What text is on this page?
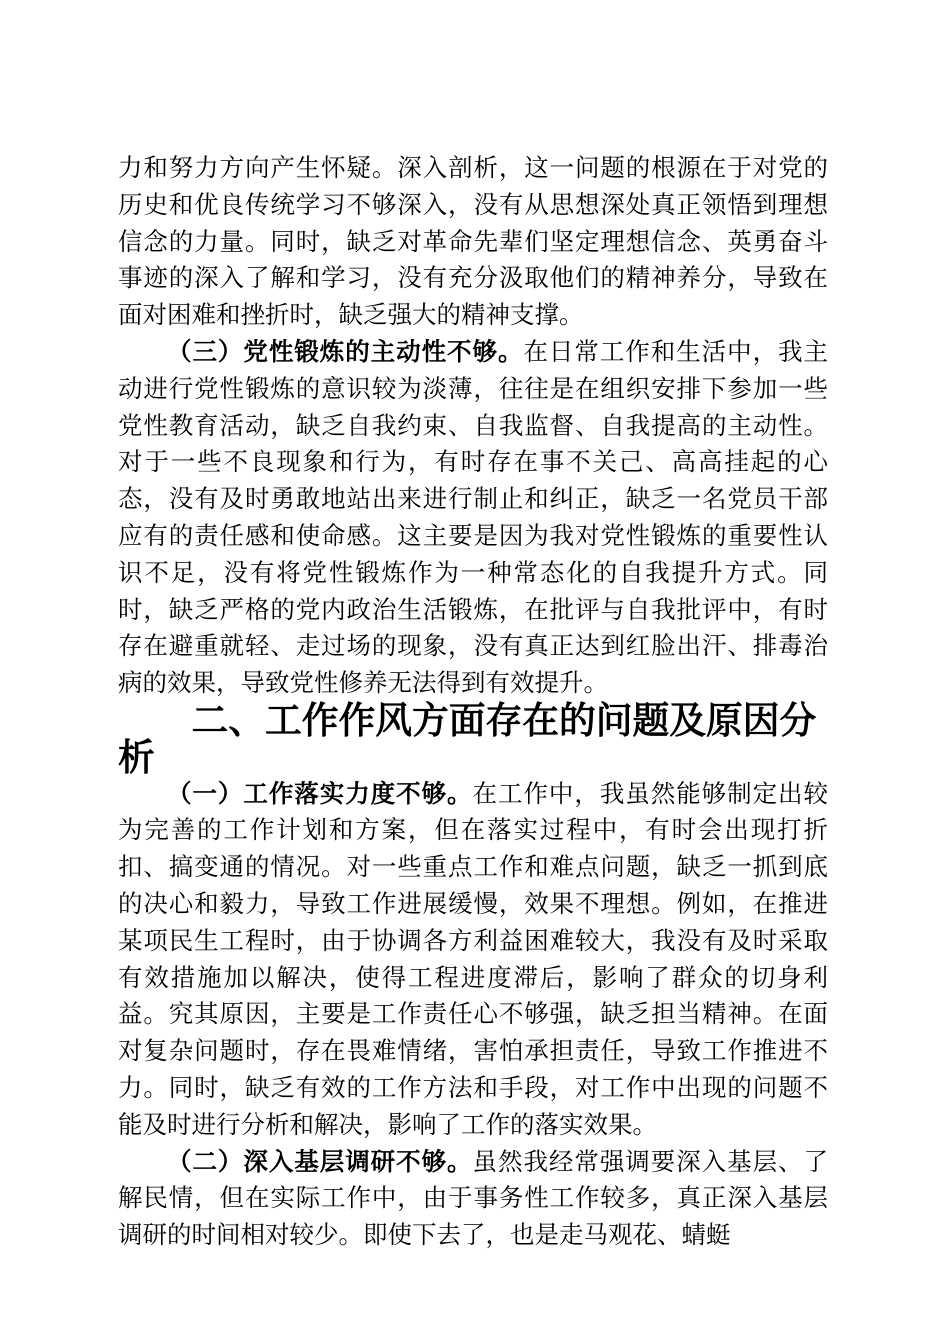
力和努力方向产生怀疑。深入剖析，这一问题的根源在于对党的历史和优良传统学习不够深入，没有从思想深处真正领悟到理想信念的力量。同时，缺乏对革命先辈们坚定理想信念、英勇奋斗事迹的深入了解和学习，没有充分汲取他们的精神养分，导致在面对困难和挫折时，缺乏强大的精神支撑。

（三）党性锻炼的主动性不够。在日常工作和生活中，我主动进行党性锻炼的意识较为淡薄，往往是在组织安排下参加一些党性教育活动，缺乏自我约束、自我监督、自我提高的主动性。对于一些不良现象和行为，有时存在事不关己、高高挂起的心态，没有及时勇敢地站出来进行制止和纠正，缺乏一名党员干部应有的责任感和使命感。这主要是因为我对党性锻炼的重要性认识不足，没有将党性锻炼作为一种常态化的自我提升方式。同时，缺乏严格的党内政治生活锻炼，在批评与自我批评中，有时存在避重就轻、走过场的现象，没有真正达到红脸出汗、排毒治病的效果，导致党性修养无法得到有效提升。

二、工作作风方面存在的问题及原因分析

（一）工作落实力度不够。在工作中，我虽然能够制定出较为完善的工作计划和方案，但在落实过程中，有时会出现打折扣、搞变通的情况。对一些重点工作和难点问题，缺乏一抓到底的决心和毅力，导致工作进展缓慢，效果不理想。例如，在推进某项民生工程时，由于协调各方利益困难较大，我没有及时采取有效措施加以解决，使得工程进度滞后，影响了群众的切身利益。究其原因，主要是工作责任心不够强，缺乏担当精神。在面对复杂问题时，存在畏难情绪，害怕承担责任，导致工作推进不力。同时，缺乏有效的工作方法和手段，对工作中出现的问题不能及时进行分析和解决，影响了工作的落实效果。

（二）深入基层调研不够。虽然我经常强调要深入基层、了解民情，但在实际工作中，由于事务性工作较多，真正深入基层调研的时间相对较少。即使下去了，也是走马观花、蜻蜓
